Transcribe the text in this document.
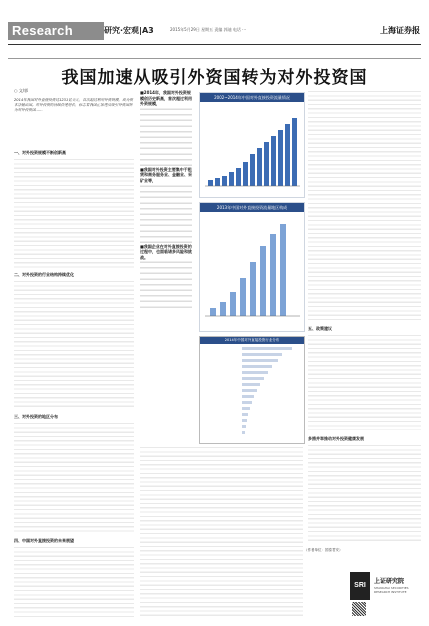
Research	研究·宏观|A3	2015年5月29日 星期五 责编 郭迪 电话 ···	上海证券报
我国加速从吸引外资国转为对外投资国
○ 文/郭
2014年我国对外直接投资达1231亿美元，首次超过利用外资规模，成为资本净输出国。对外投资的持续快速增长，标志着我国正加速从吸引外资国转为对外投资国……
一、对外投资规模不断创新高
二、对外投资的行业结构持续优化
三、对外投资的地区分布
四、中国对外直接投资的未来展望
■2014年，我国对外投资规模创历史新高，首次超过利用外资规模，
■我国对外投资主要集中于租赁和商务服务业、金融业、采矿业等，
■我国企业在对外直接投资的过程中，也面临诸多风险和挑战。
2002~2014年中国对外直接投资流量情况
2013年中国对外直接投资流量地区构成
2014年中国对外直接投资行业分布
五、政策建议
多措并举推动对外投资健康发展
（作者单位：国泰君安）
SRI
上证研究院
SHANGHAI SECURITIES RESEARCH INSTITUTE
